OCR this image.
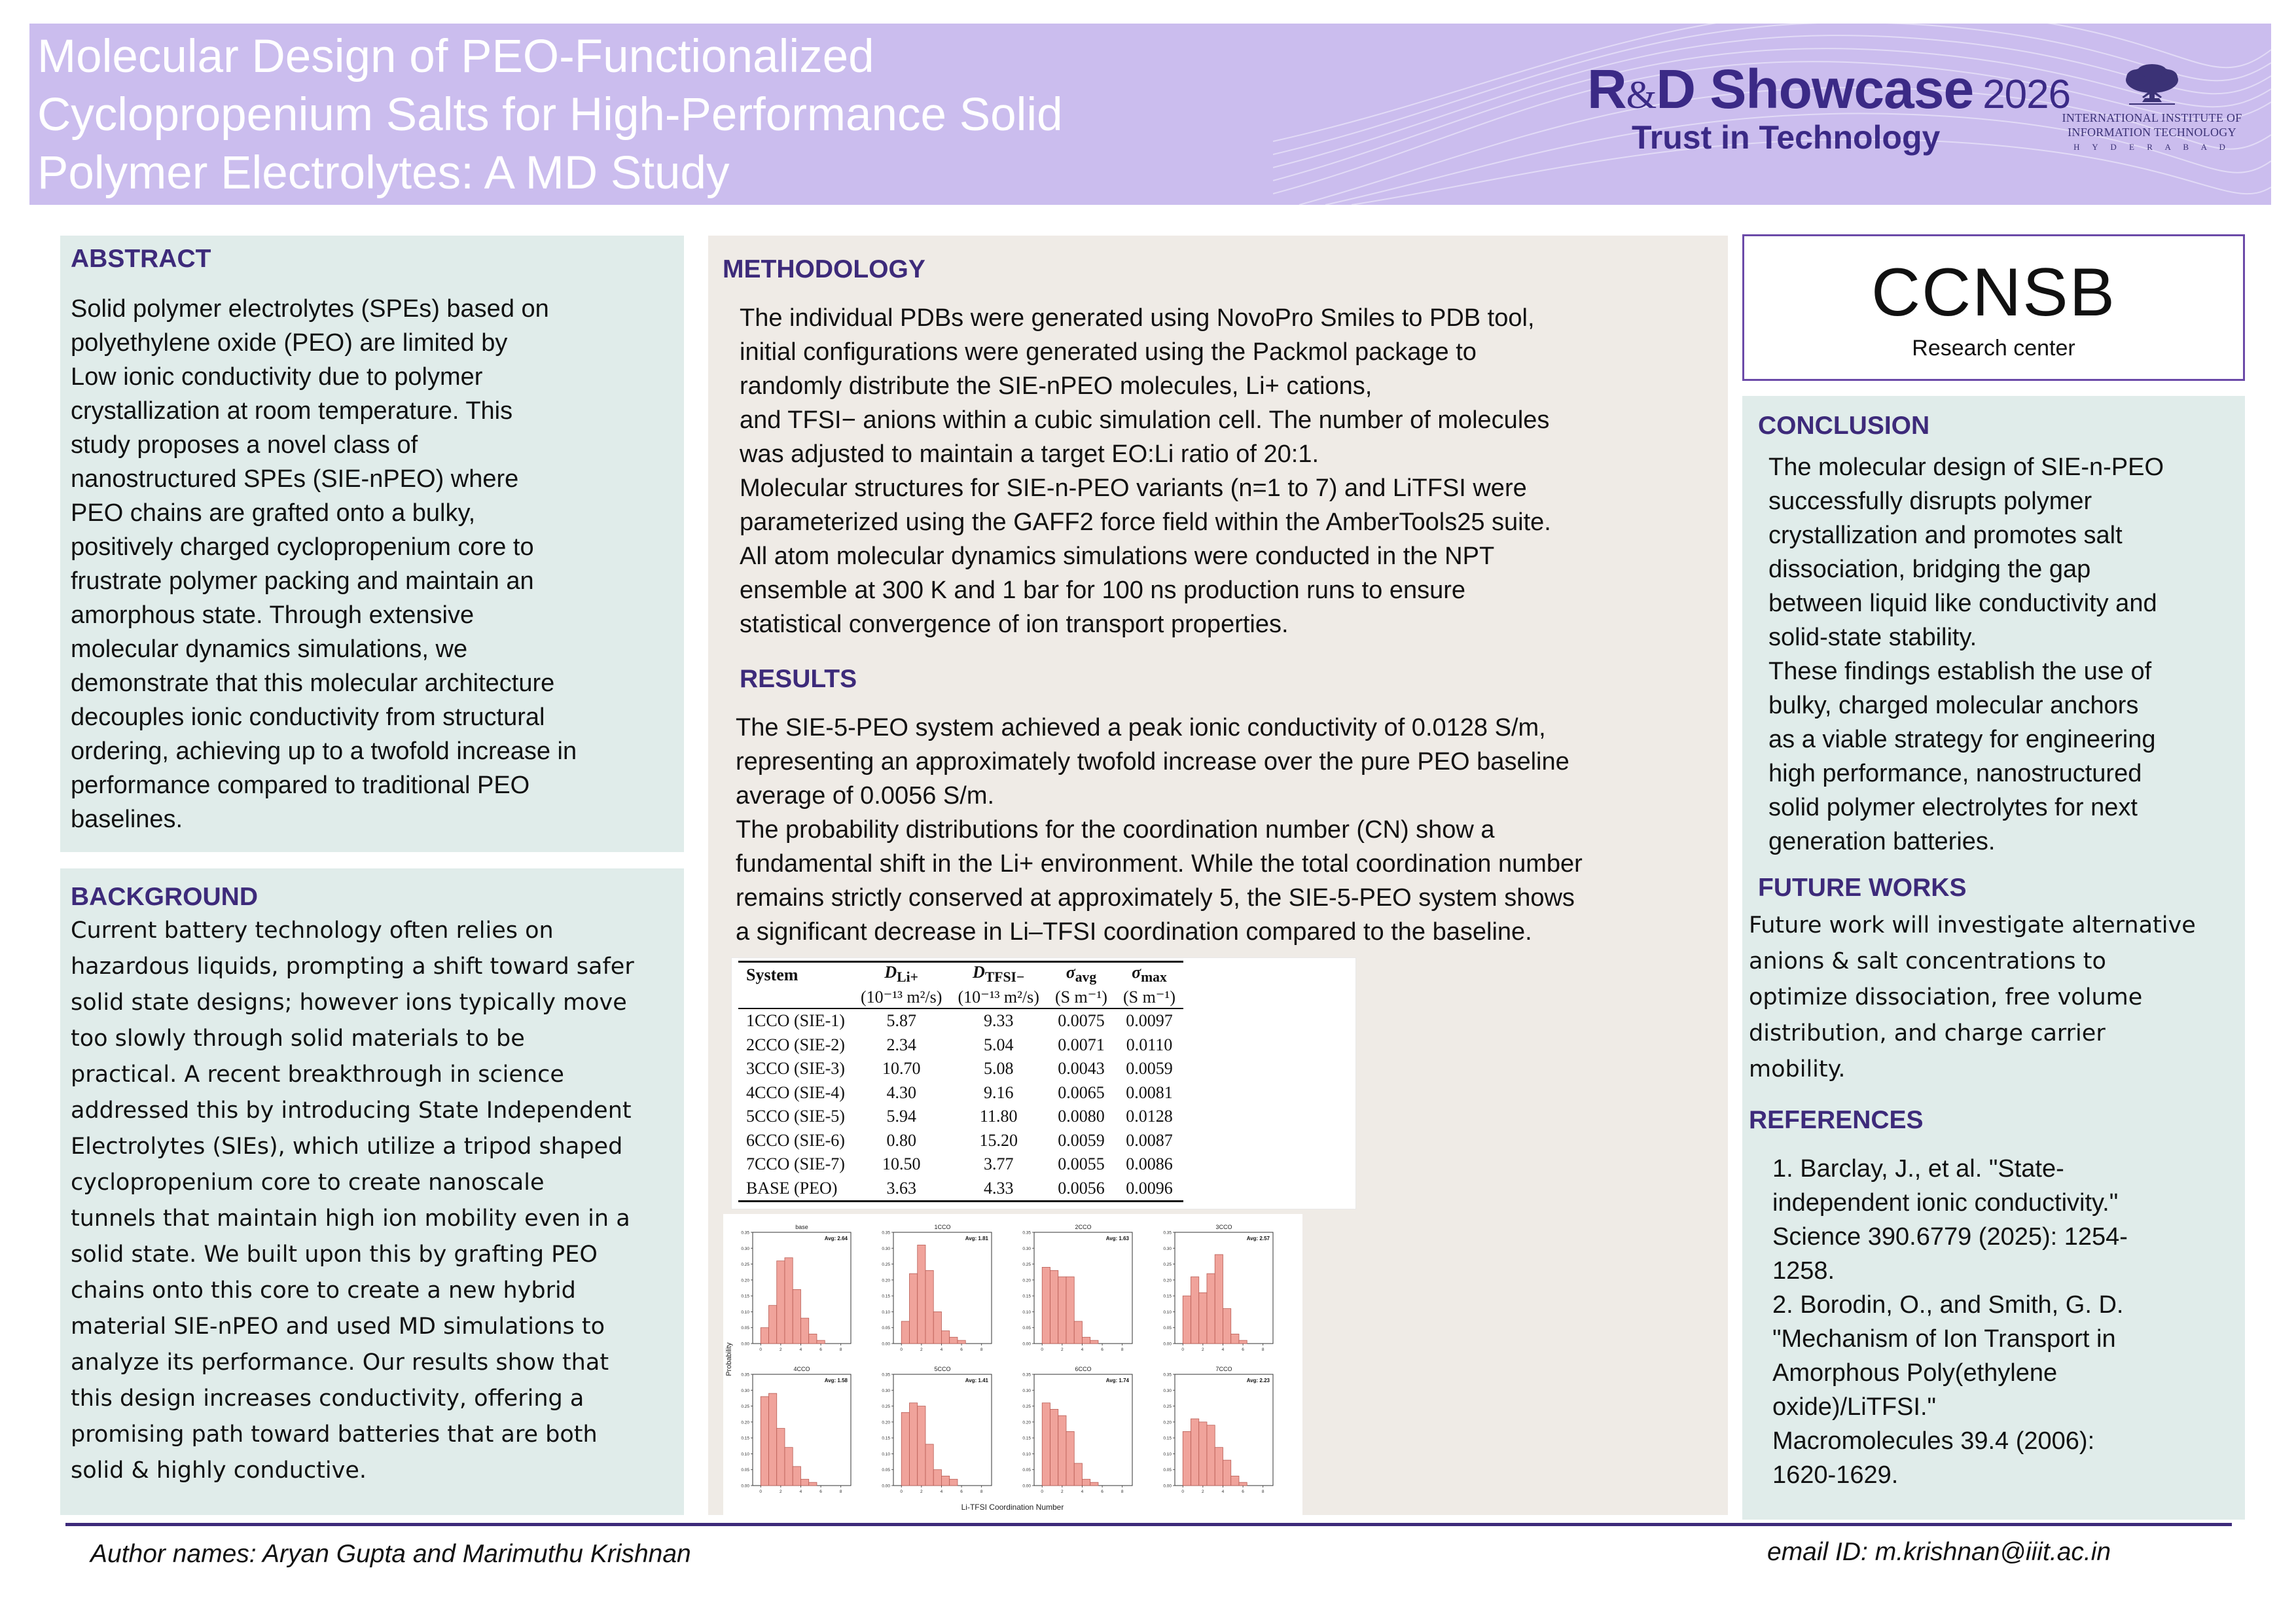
Molecular Design of PEO-Functionalized
Cyclopropenium Salts for High-Performance Solid
Polymer Electrolytes: A MD Study
R&D Showcase 2026
Trust in Technology
INTERNATIONAL INSTITUTE OF
INFORMATION TECHNOLOGY
H Y D E R A B A D
ABSTRACT

Solid polymer electrolytes (SPEs) based on

polyethylene oxide (PEO) are limited by

Low ionic conductivity due to polymer

crystallization at room temperature. This

study proposes a novel class of

nanostructured SPEs (SIE-nPEO) where

PEO chains are grafted onto a bulky,

positively charged cyclopropenium core to

frustrate polymer packing and maintain an

amorphous state. Through extensive

molecular dynamics simulations, we

demonstrate that this molecular architecture

decouples ionic conductivity from structural

ordering, achieving up to a twofold increase in

performance compared to traditional PEO

baselines.

BACKGROUND

Current battery technology often relies on

hazardous liquids, prompting a shift toward safer

solid state designs; however ions typically move

too slowly through solid materials to be

practical. A recent breakthrough in science

addressed this by introducing State Independent

Electrolytes (SIEs), which utilize a tripod shaped

cyclopropenium core to create nanoscale

tunnels that maintain high ion mobility even in a

solid state. We built upon this by grafting PEO

chains onto this core to create a new hybrid

material SIE-nPEO and used MD simulations to

analyze its performance. Our results show that

this design increases conductivity, offering a

promising path toward batteries that are both

solid & highly conductive.

METHODOLOGY

The individual PDBs were generated using NovoPro Smiles to PDB tool,

initial configurations were generated using the Packmol package to

randomly distribute the SIE-nPEO molecules, Li+ cations,

and TFSI− anions within a cubic simulation cell. The number of molecules

was adjusted to maintain a target EO:Li ratio of 20:1.

Molecular structures for SIE-n-PEO variants (n=1 to 7) and LiTFSI were

parameterized using the GAFF2 force field within the AmberTools25 suite.

All atom molecular dynamics simulations were conducted in the NPT

ensemble at 300 K and 1 bar for 100 ns production runs to ensure

statistical convergence of ion transport properties.

RESULTS

The SIE-5-PEO system achieved a peak ionic conductivity of 0.0128 S/m,

representing an approximately twofold increase over the pure PEO baseline

average of 0.0056 S/m.

The probability distributions for the coordination number (CN) show a

fundamental shift in the Li+ environment. While the total coordination number

remains strictly conserved at approximately 5, the SIE-5-PEO system shows

a significant decrease in Li–TFSI coordination compared to the baseline.

System	$D_{Li+}$	$D_{TFSI-}$	$\sigma_{avg}$	$\sigma_{max}$
	(10⁻¹³ m²/s)	(10⁻¹³ m²/s)	(S m⁻¹)	(S m⁻¹)
1CCO (SIE-1)	5.87	9.33	0.0075	0.0097
2CCO (SIE-2)	2.34	5.04	0.0071	0.0110
3CCO (SIE-3)	10.70	5.08	0.0043	0.0059
4CCO (SIE-4)	4.30	9.16	0.0065	0.0081
5CCO (SIE-5)	5.94	11.80	0.0080	0.0128
6CCO (SIE-6)	0.80	15.20	0.0059	0.0087
7CCO (SIE-7)	10.50	3.77	0.0055	0.0086
BASE (PEO)	3.63	4.33	0.0056	0.0096
Probability
Li-TFSI Coordination Number
base
Avg: 2.64
0.00
0.05
0.10
0.15
0.20
0.25
0.30
0.35
0	2	4	6	8
1CCO
Avg: 1.81
0.00
0.05
0.10
0.15
0.20
0.25
0.30
0.35
0	2	4	6	8
2CCO
Avg: 1.63
0.00
0.05
0.10
0.15
0.20
0.25
0.30
0.35
0	2	4	6	8
3CCO
Avg: 2.57
0.00
0.05
0.10
0.15
0.20
0.25
0.30
0.35
0	2	4	6	8
4CCO
Avg: 1.58
0.00
0.05
0.10
0.15
0.20
0.25
0.30
0.35
0	2	4	6	8
5CCO
Avg: 1.41
0.00
0.05
0.10
0.15
0.20
0.25
0.30
0.35
0	2	4	6	8
6CCO
Avg: 1.74
0.00
0.05
0.10
0.15
0.20
0.25
0.30
0.35
0	2	4	6	8
7CCO
Avg: 2.23
0.00
0.05
0.10
0.15
0.20
0.25
0.30
0.35
0	2	4	6	8
CCNSB
Research center
CONCLUSION

The molecular design of SIE-n-PEO

successfully disrupts polymer

crystallization and promotes salt

dissociation, bridging the gap

between liquid like conductivity and

solid-state stability.

These findings establish the use of

bulky, charged molecular anchors

as a viable strategy for engineering

high performance, nanostructured

solid polymer electrolytes for next

generation batteries.

FUTURE WORKS

Future work will investigate alternative

anions & salt concentrations to

optimize dissociation, free volume

distribution, and charge carrier

mobility.

REFERENCES

1. Barclay, J., et al. "State-

independent ionic conductivity."

Science 390.6779 (2025): 1254-

1258.

2. Borodin, O., and Smith, G. D.

"Mechanism of Ion Transport in

Amorphous Poly(ethylene

oxide)/LiTFSI."

Macromolecules 39.4 (2006):

1620-1629.

Author names: Aryan Gupta and Marimuthu Krishnan	email ID: m.krishnan@iiit.ac.in
